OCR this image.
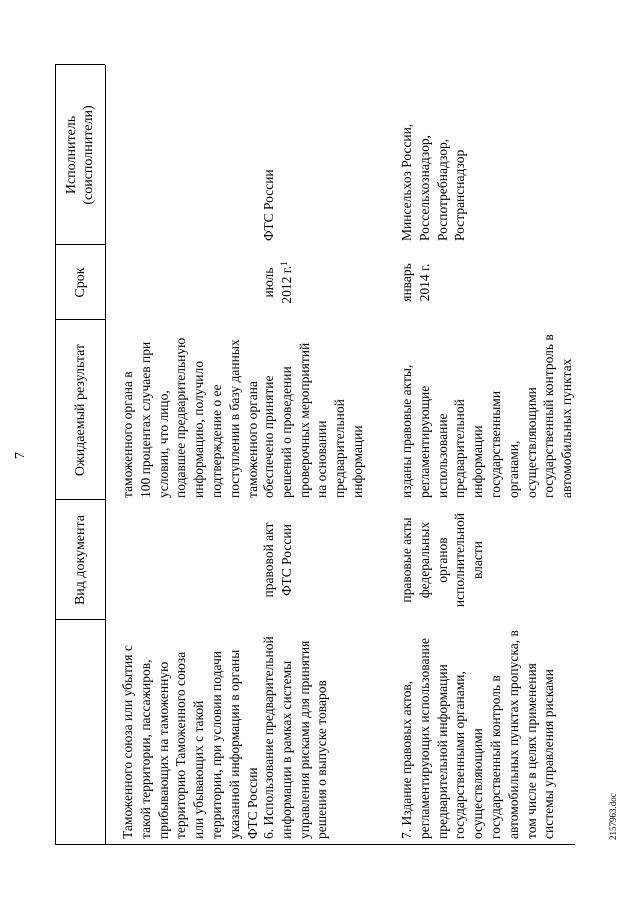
7
Вид документа
Ожидаемый результат
Срок
Исполнитель
(соисполнители)
Таможенного союза или убытия с
такой территории, пассажиров,
прибывающих на таможенную
территорию Таможенного союза
или убывающих с такой
территории, при условии подачи
указанной информации в органы
ФТС России
таможенного органа в
100 процентах случаев при
условии, что лицо,
подавшее предварительную
информацию, получило
подтверждение о ее
поступлении в базу данных
таможенного органа
6. Использование предварительной
информации в рамках системы
управления рисками для принятия
решения о выпуске товаров
правовой акт
ФТС России
обеспечено принятие
решений о проведении
проверочных мероприятий
на основании
предварительной
информации
июль 2012 г.$^1$
ФТС России
7. Издание правовых актов,
регламентирующих использование
предварительной информации
государственными органами,
осуществляющими
государственный контроль в
автомобильных пунктах пропуска, в
том числе в целях применения
системы управления рисками
правовые акты
федеральных
органов
исполнительной
власти
изданы правовые акты,
регламентирующие
использование
предварительной
информации
государственными
органами,
осуществляющими
государственный контроль в
автомобильных пунктах
январь
2014 г.
Минсельхоз России,
Россельхознадзор,
Роспотребнадзор,
Ространснадзор
2157963.doc
